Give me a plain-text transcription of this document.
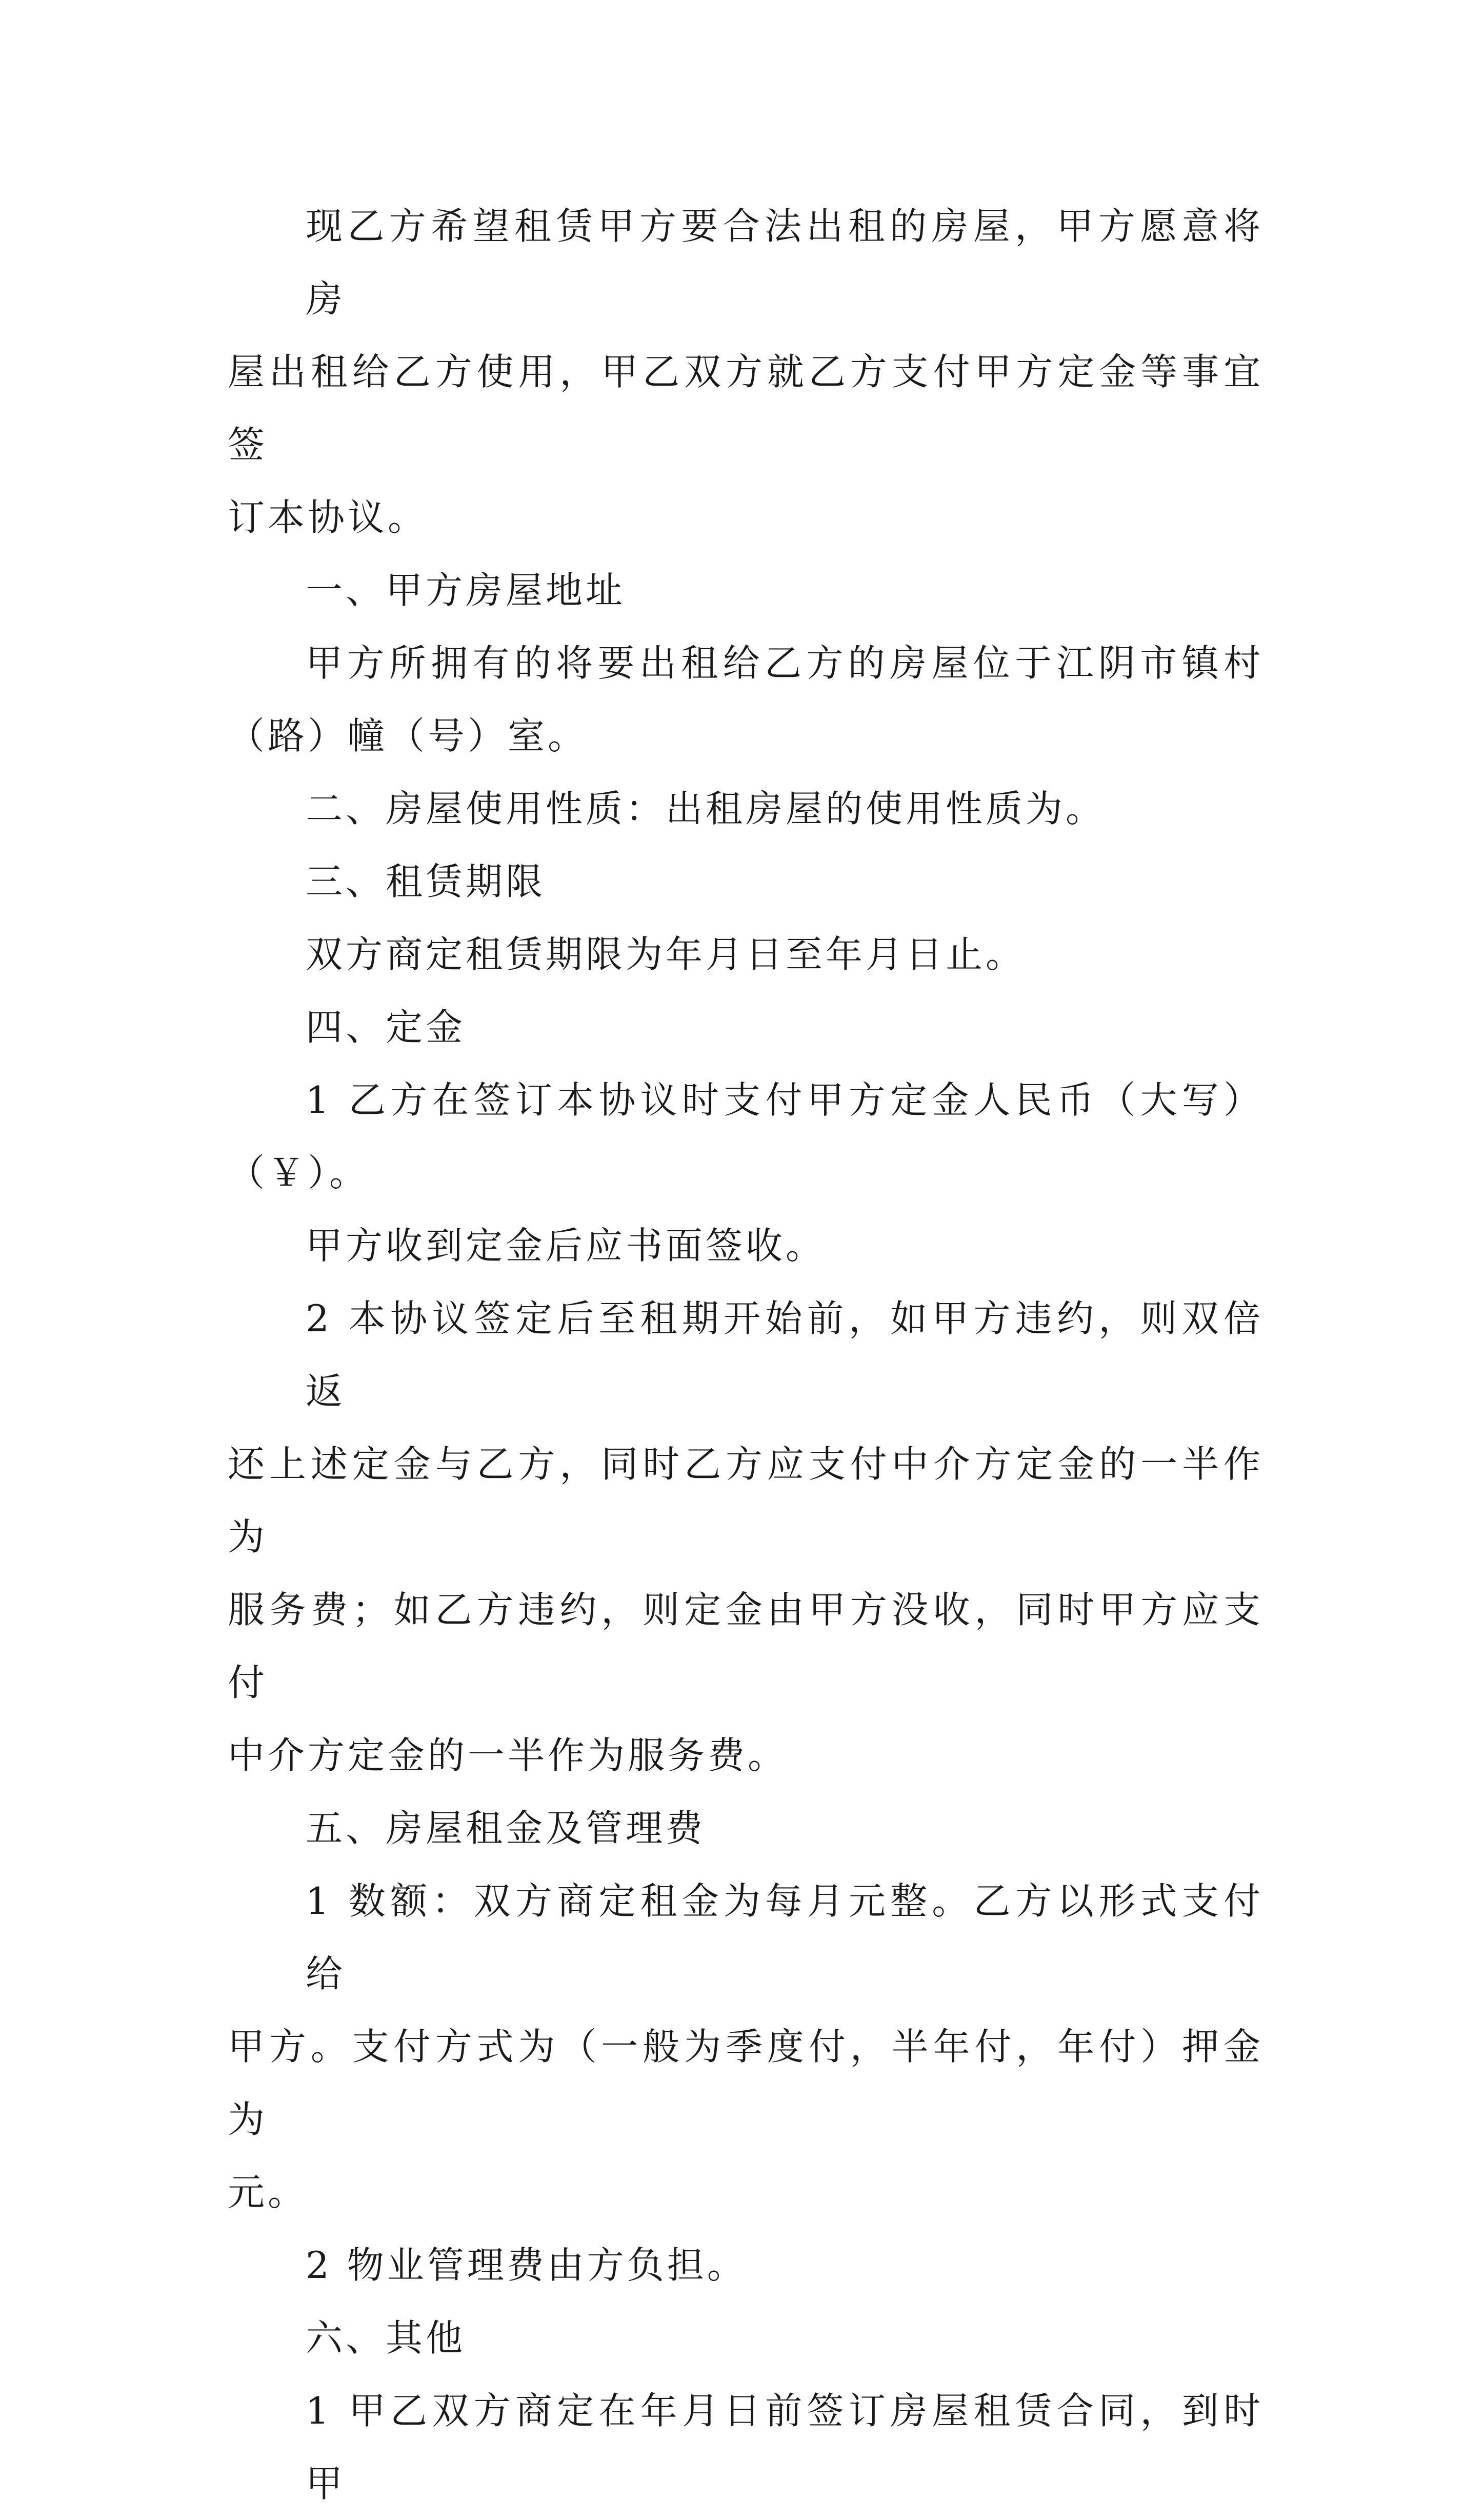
现乙方希望租赁甲方要合法出租的房屋，甲方愿意将房
屋出租给乙方使用，甲乙双方就乙方支付甲方定金等事宜签
订本协议。
一、甲方房屋地址
甲方所拥有的将要出租给乙方的房屋位于江阴市镇村
（路）幢（号）室。
二、房屋使用性质：出租房屋的使用性质为。
三、租赁期限
双方商定租赁期限为年月日至年月日止。
四、定金
1 乙方在签订本协议时支付甲方定金人民币（大写）
（￥）。
甲方收到定金后应书面签收。
2 本协议签定后至租期开始前，如甲方违约，则双倍返
还上述定金与乙方，同时乙方应支付中介方定金的一半作为
服务费；如乙方违约，则定金由甲方没收，同时甲方应支付
中介方定金的一半作为服务费。
五、房屋租金及管理费
1 数额：双方商定租金为每月元整。乙方以形式支付给
甲方。支付方式为（一般为季度付，半年付，年付）押金为
元。
2 物业管理费由方负担。
六、其他
1 甲乙双方商定在年月日前签订房屋租赁合同，到时甲
